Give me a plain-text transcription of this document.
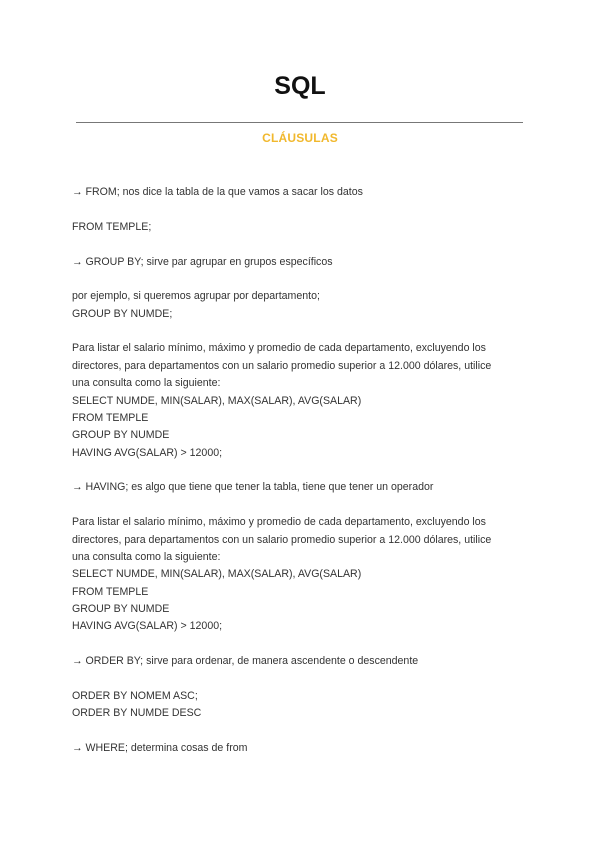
SQL
CLÁUSULAS
→ FROM; nos dice la tabla de la que vamos a sacar los datos
FROM TEMPLE;
→ GROUP BY; sirve par agrupar en grupos específicos
por ejemplo, si queremos agrupar por departamento;
GROUP BY NUMDE;
Para listar el salario mínimo, máximo y promedio de cada departamento, excluyendo los
directores, para departamentos con un salario promedio superior a 12.000 dólares, utilice
una consulta como la siguiente:
SELECT NUMDE, MIN(SALAR), MAX(SALAR), AVG(SALAR)
FROM TEMPLE
GROUP BY NUMDE
HAVING AVG(SALAR) > 12000;
→ HAVING; es algo que tiene que tener la tabla, tiene que tener un operador
Para listar el salario mínimo, máximo y promedio de cada departamento, excluyendo los
directores, para departamentos con un salario promedio superior a 12.000 dólares, utilice
una consulta como la siguiente:
SELECT NUMDE, MIN(SALAR), MAX(SALAR), AVG(SALAR)
FROM TEMPLE
GROUP BY NUMDE
HAVING AVG(SALAR) > 12000;
→ ORDER BY; sirve para ordenar, de manera ascendente o descendente
ORDER BY NOMEM ASC;
ORDER BY NUMDE DESC
→ WHERE; determina cosas de from
